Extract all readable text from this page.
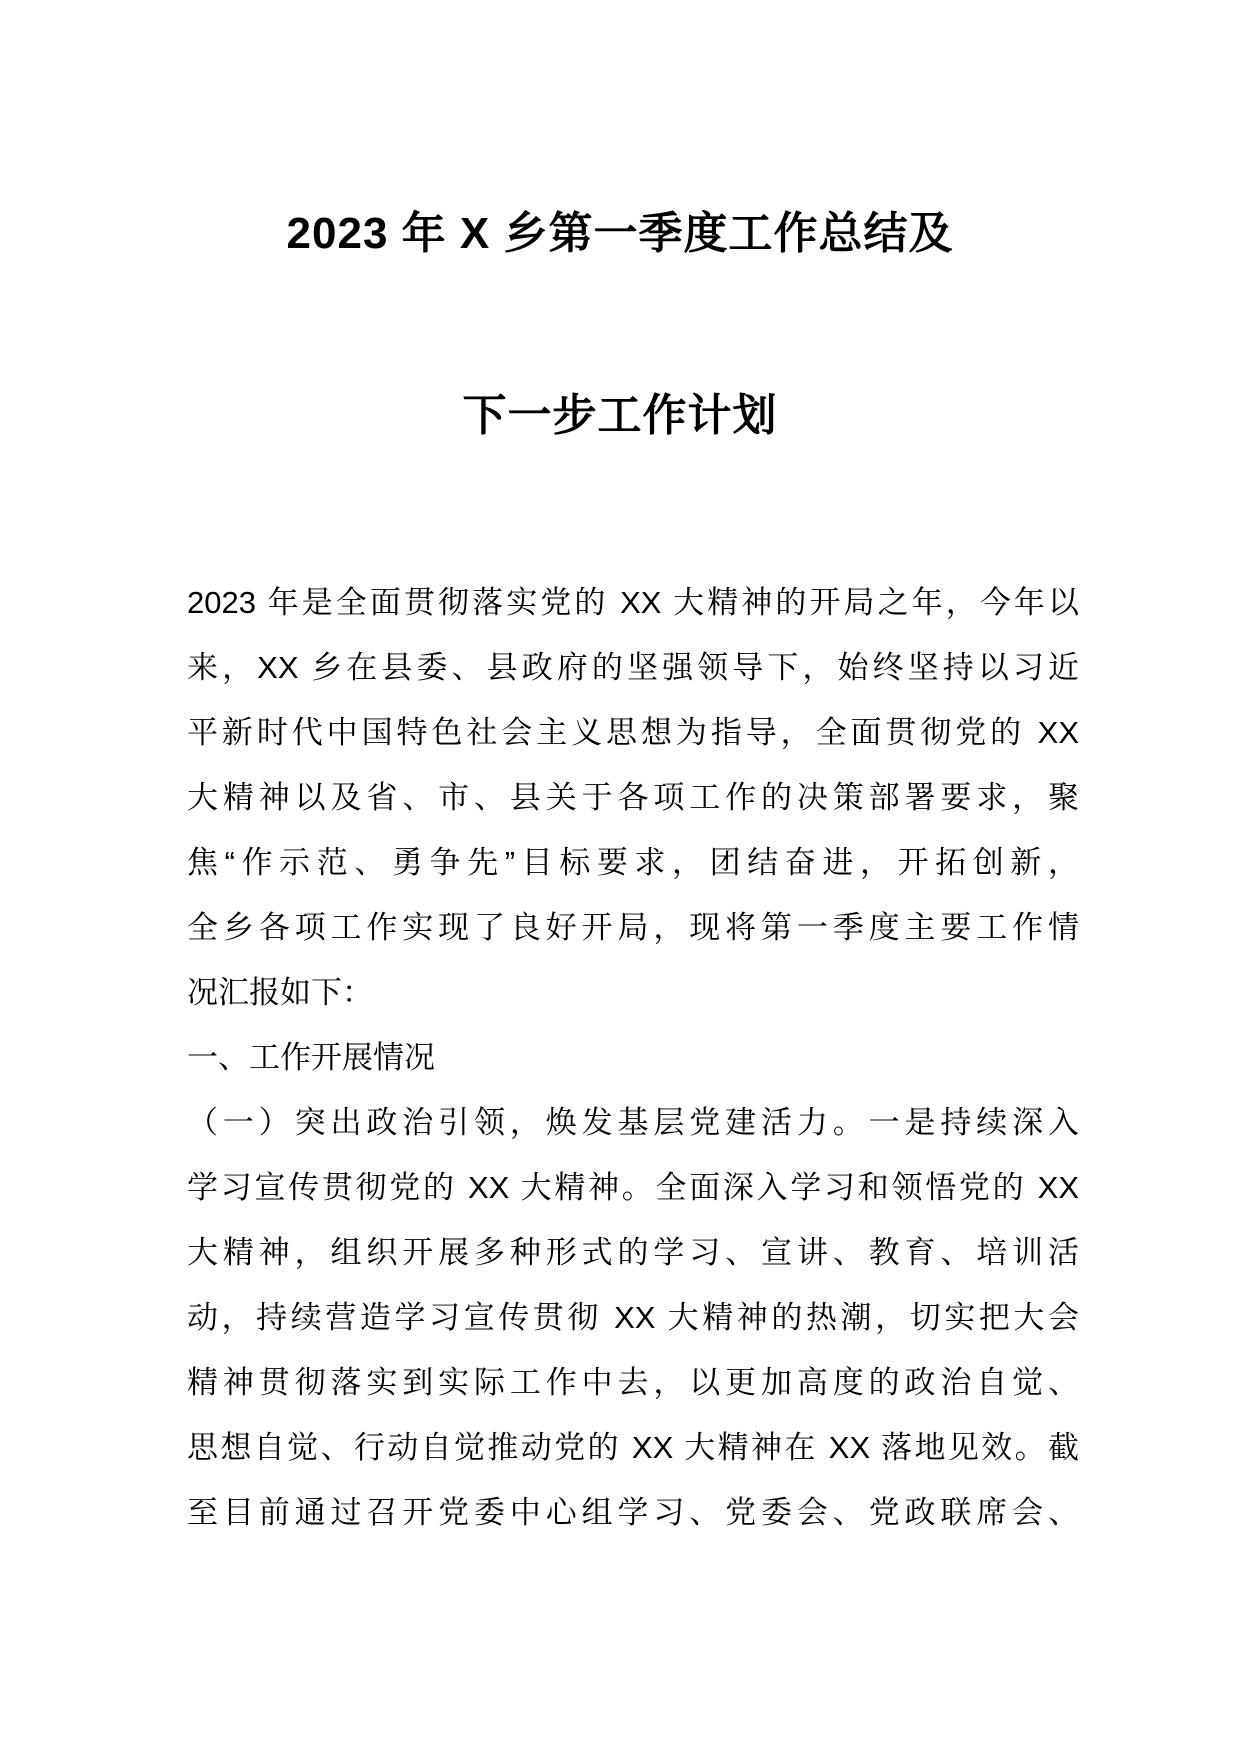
2023 年 X 乡第一季度工作总结及
下一步工作计划
2023 年是全面贯彻落实党的 XX 大精神的开局之年，今年以
来，XX 乡在县委、县政府的坚强领导下，始终坚持以习近
平新时代中国特色社会主义思想为指导，全面贯彻党的 XX
大精神以及省、市、县关于各项工作的决策部署要求，聚
焦“作示范、勇争先”目标要求，团结奋进，开拓创新，
全乡各项工作实现了良好开局，现将第一季度主要工作情
况汇报如下：
一、工作开展情况
（一）突出政治引领，焕发基层党建活力。一是持续深入
学习宣传贯彻党的 XX 大精神。全面深入学习和领悟党的 XX
大精神，组织开展多种形式的学习、宣讲、教育、培训活
动，持续营造学习宣传贯彻 XX 大精神的热潮，切实把大会
精神贯彻落实到实际工作中去，以更加高度的政治自觉、
思想自觉、行动自觉推动党的 XX 大精神在 XX 落地见效。截
至目前通过召开党委中心组学习、党委会、党政联席会、
